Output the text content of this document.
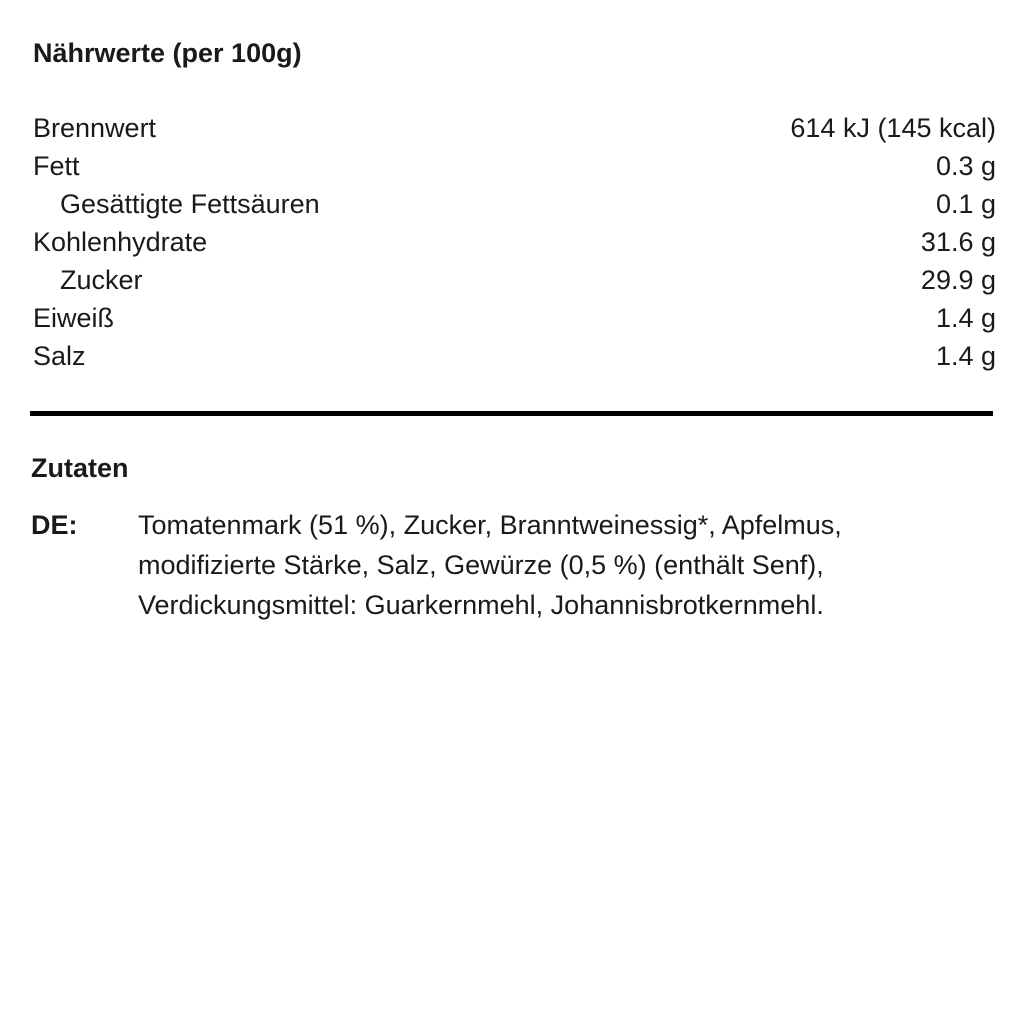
Nährwerte (per 100g)
Brennwert	614 kJ (145 kcal)
Fett	0.3 g
Gesättigte Fettsäuren	0.1 g
Kohlenhydrate	31.6 g
Zucker	29.9 g
Eiweiß	1.4 g
Salz	1.4 g
Zutaten
DE:	Tomatenmark (51 %), Zucker, Branntweinessig*, Apfelmus,
modifizierte Stärke, Salz, Gewürze (0,5 %) (enthält Senf),
Verdickungsmittel: Guarkernmehl, Johannisbrotkernmehl.
